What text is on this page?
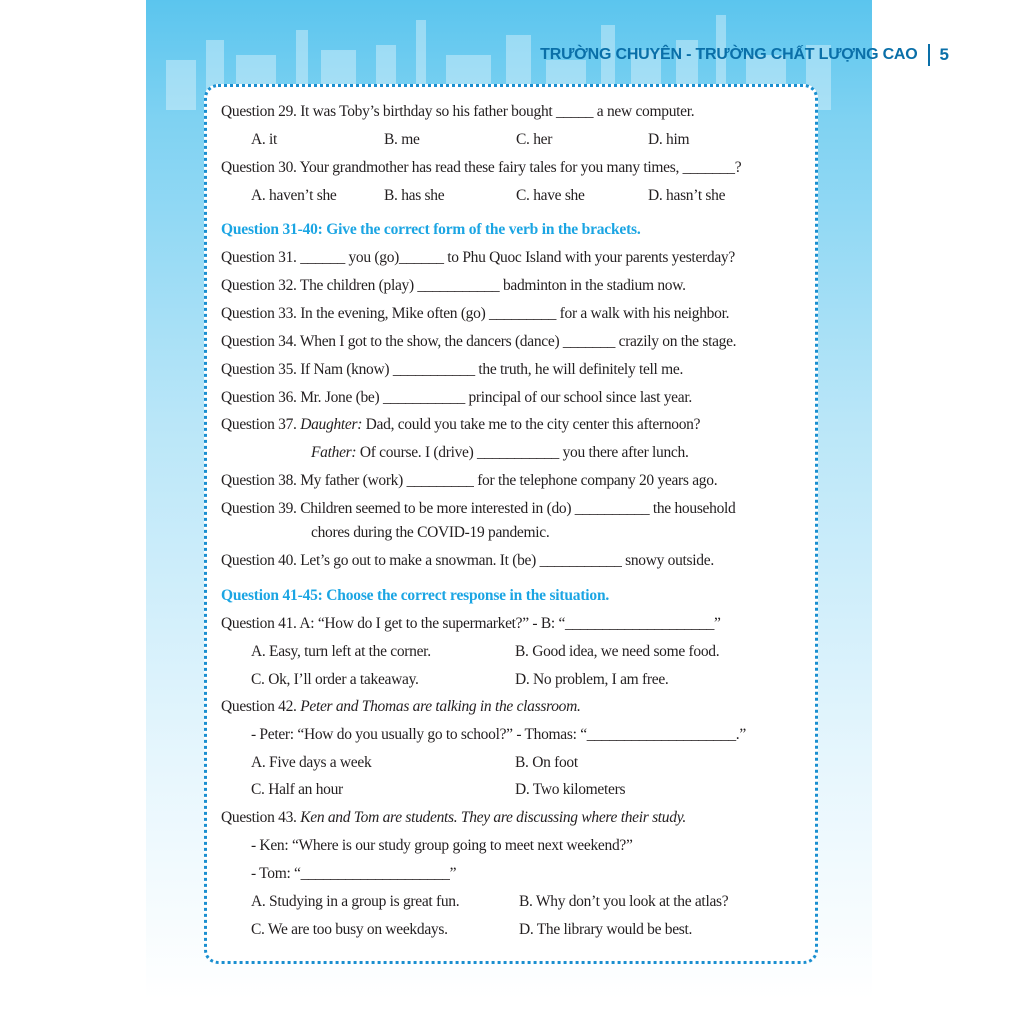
TRƯỜNG CHUYÊN - TRƯỜNG CHẤT LƯỢNG CAO 5
Question 29. It was Toby’s birthday so his father bought _____ a new computer.
A. it	B. me	C. her	D. him
Question 30. Your grandmother has read these fairy tales for you many times, _______?
A. haven’t she	B. has she	C. have she	D. hasn’t she
Question 31-40: Give the correct form of the verb in the brackets.
Question 31. ______ you (go)______ to Phu Quoc Island with your parents yesterday?
Question 32. The children (play) ___________ badminton in the stadium now.
Question 33. In the evening, Mike often (go) _________ for a walk with his neighbor.
Question 34. When I got to the show, the dancers (dance) _______ crazily on the stage.
Question 35. If Nam (know) ___________ the truth, he will definitely tell me.
Question 36. Mr. Jone (be) ___________ principal of our school since last year.
Question 37. Daughter: Dad, could you take me to the city center this afternoon?
Father: Of course. I (drive) ___________ you there after lunch.
Question 38. My father (work) _________ for the telephone company 20 years ago.
Question 39. Children seemed to be more interested in (do) __________ the household
chores during the COVID-19 pandemic.
Question 40. Let’s go out to make a snowman. It (be) ___________ snowy outside.
Question 41-45: Choose the correct response in the situation.
Question 41. A: “How do I get to the supermarket?” - B: “____________________”
A. Easy, turn left at the corner.	B. Good idea, we need some food.
C. Ok, I’ll order a takeaway.	D. No problem, I am free.
Question 42. Peter and Thomas are talking in the classroom.
- Peter: “How do you usually go to school?” - Thomas: “____________________.”
A. Five days a week	B. On foot
C. Half an hour	D. Two kilometers
Question 43. Ken and Tom are students. They are discussing where their study.
- Ken: “Where is our study group going to meet next weekend?”
- Tom: “____________________”
A. Studying in a group is great fun.	B. Why don’t you look at the atlas?
C. We are too busy on weekdays.	D. The library would be best.
